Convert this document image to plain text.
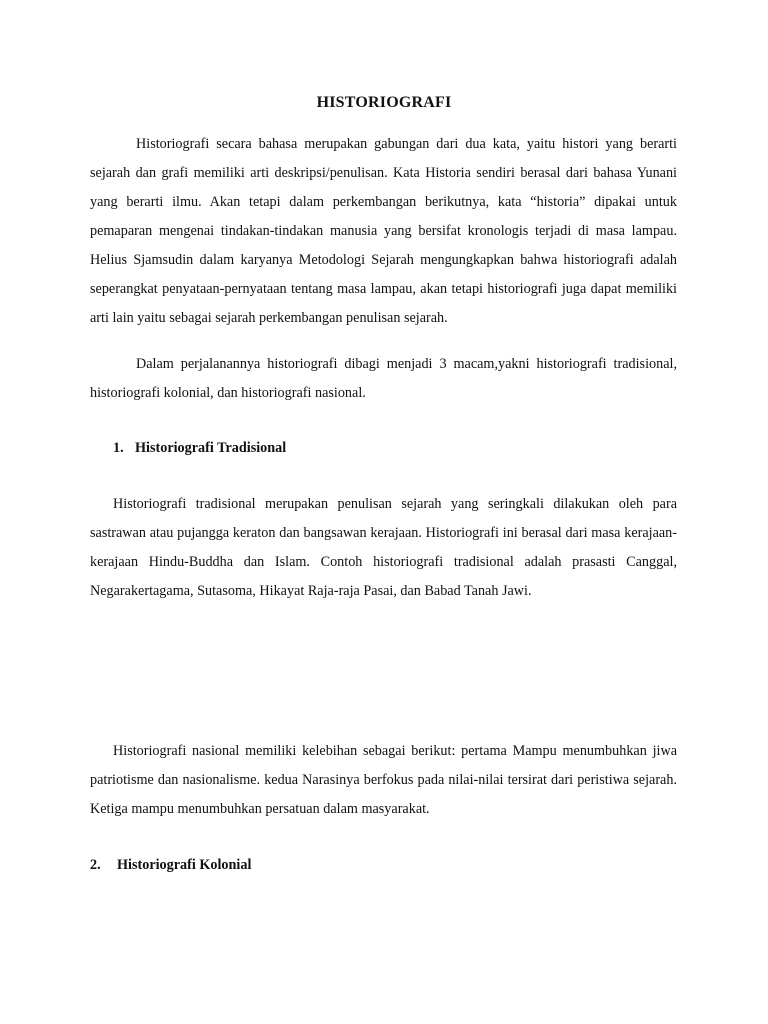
HISTORIOGRAFI

Historiografi secara bahasa merupakan gabungan dari dua kata, yaitu histori yang berarti sejarah dan grafi memiliki arti deskripsi/penulisan. Kata Historia sendiri berasal dari bahasa Yunani yang berarti ilmu. Akan tetapi dalam perkembangan berikutnya, kata “historia” dipakai untuk pemaparan mengenai tindakan-tindakan manusia yang bersifat kronologis terjadi di masa lampau. Helius Sjamsudin dalam karyanya Metodologi Sejarah mengungkapkan bahwa historiografi adalah seperangkat penyataan-pernyataan tentang masa lampau, akan tetapi historiografi juga dapat memiliki arti lain yaitu sebagai sejarah perkembangan penulisan sejarah.

Dalam perjalanannya historiografi dibagi menjadi 3 macam,yakni historiografi tradisional, historiografi kolonial, dan historiografi nasional.

1. Historiografi Tradisional

Historiografi tradisional merupakan penulisan sejarah yang seringkali dilakukan oleh para sastrawan atau pujangga keraton dan bangsawan kerajaan. Historiografi ini berasal dari masa kerajaan-kerajaan Hindu-Buddha dan Islam. Contoh historiografi tradisional adalah prasasti Canggal, Negarakertagama, Sutasoma, Hikayat Raja-raja Pasai, dan Babad Tanah Jawi.

Historiografi nasional memiliki kelebihan sebagai berikut: pertama Mampu menumbuhkan jiwa patriotisme dan nasionalisme. kedua Narasinya berfokus pada nilai-nilai tersirat dari peristiwa sejarah. Ketiga mampu menumbuhkan persatuan dalam masyarakat.

2. Historiografi Kolonial
